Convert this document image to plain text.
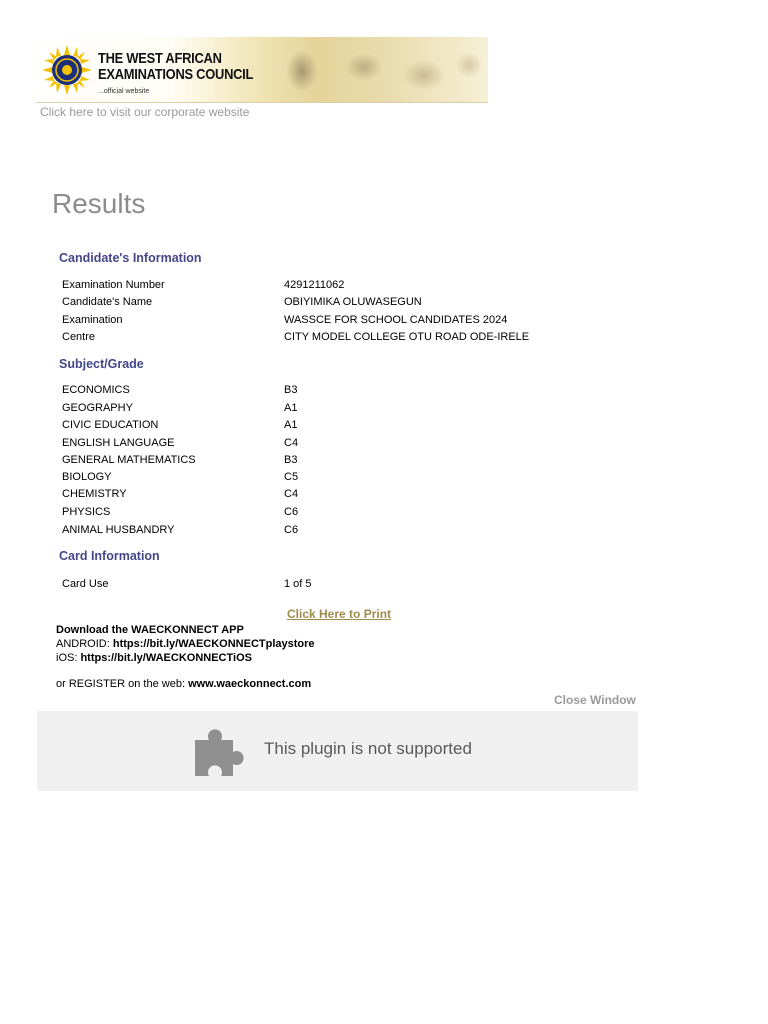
THE WEST AFRICAN
EXAMINATIONS COUNCIL
...official website
Click here to visit our corporate website
Results
Candidate's Information
Examination Number	4291211062
Candidate's Name	OBIYIMIKA OLUWASEGUN
Examination	WASSCE FOR SCHOOL CANDIDATES 2024
Centre	CITY MODEL COLLEGE OTU ROAD ODE-IRELE
Subject/Grade
ECONOMICS	B3
GEOGRAPHY	A1
CIVIC EDUCATION	A1
ENGLISH LANGUAGE	C4
GENERAL MATHEMATICS	B3
BIOLOGY	C5
CHEMISTRY	C4
PHYSICS	C6
ANIMAL HUSBANDRY	C6
Card Information
Card Use	1 of 5
Click Here to Print
Download the WAECKONNECT APP
ANDROID: https://bit.ly/WAECKONNECTplaystore
iOS: https://bit.ly/WAECKONNECTiOS
or REGISTER on the web: www.waeckonnect.com
Close Window
This plugin is not supported
